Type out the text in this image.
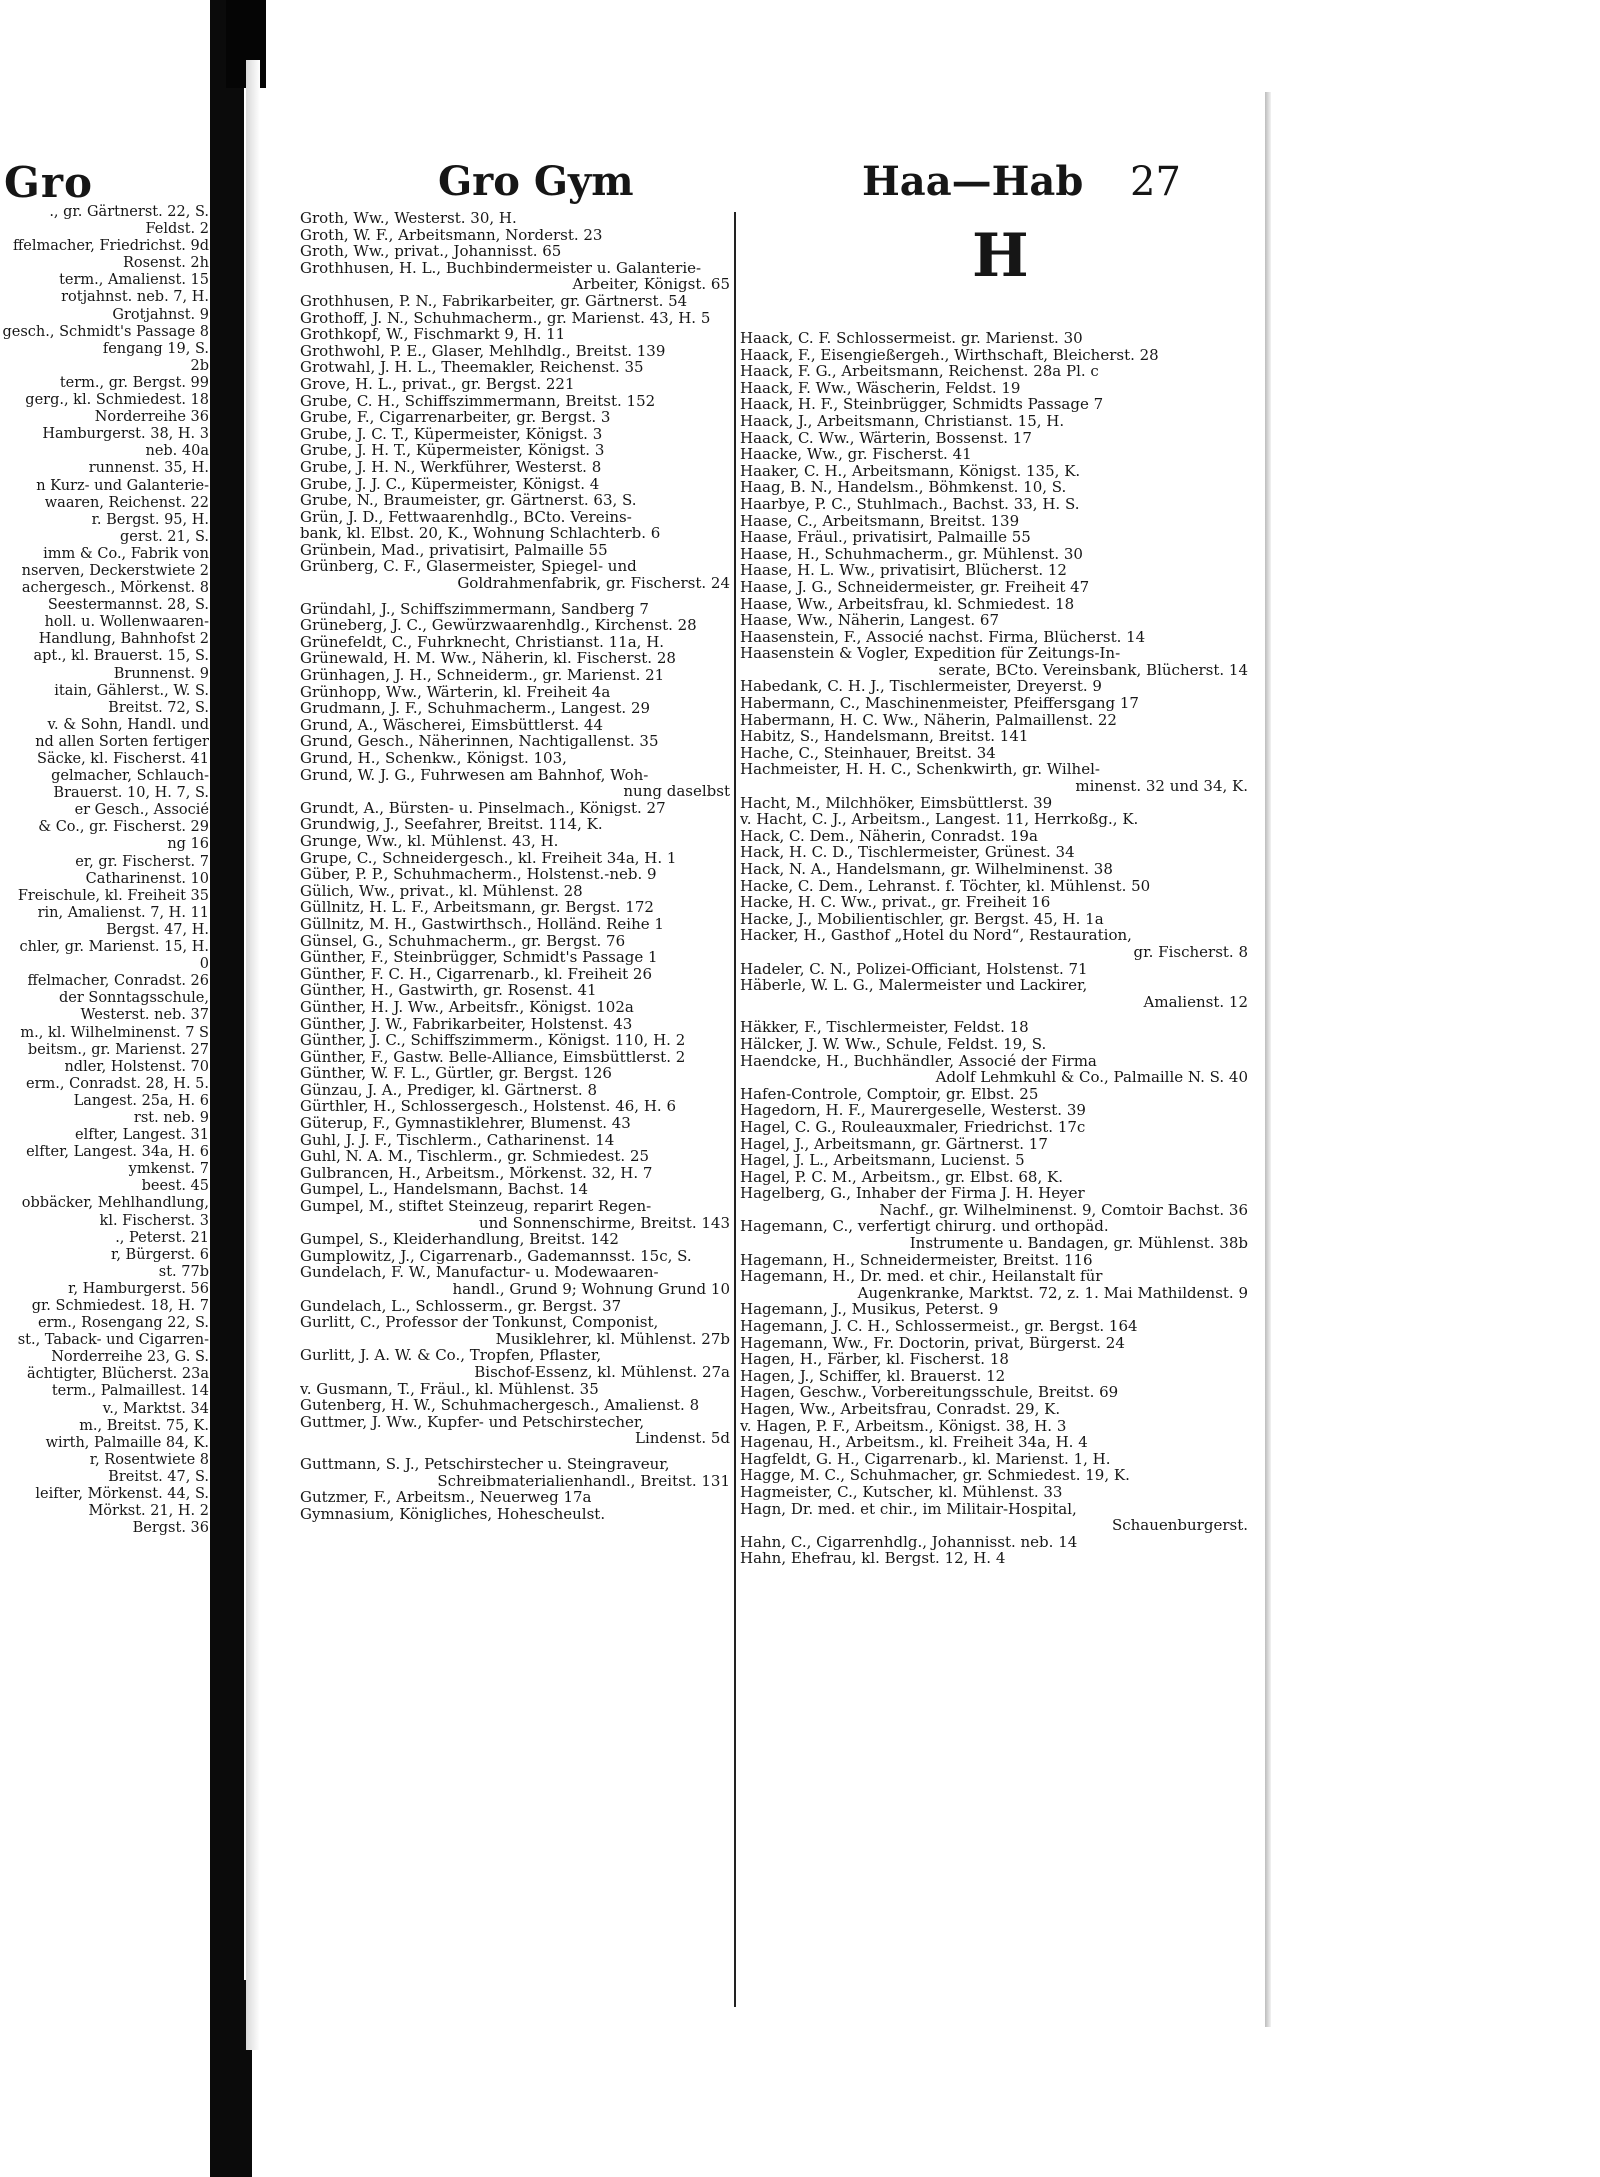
Gro
., gr. Gärtnerst. 22, S.
Feldst. 2
ffelmacher, Friedrichst. 9d
Rosenst. 2h
term., Amalienst. 15
rotjahnst. neb. 7, H.
Grotjahnst. 9
gesch., Schmidt's Passage 8
fengang 19, S.
2b
term., gr. Bergst. 99
gerg., kl. Schmiedest. 18
Norderreihe 36
Hamburgerst. 38, H. 3
neb. 40a
runnenst. 35, H.
n Kurz- und Galanterie-
waaren, Reichenst. 22
r. Bergst. 95, H.
gerst. 21, S.
imm & Co., Fabrik von
nserven, Deckerstwiete 2
achergesch., Mörkenst. 8
Seestermannst. 28, S.
holl. u. Wollenwaaren-
Handlung, Bahnhofst 2
apt., kl. Brauerst. 15, S.
Brunnenst. 9
itain, Gählerst., W. S.
Breitst. 72, S.
v. & Sohn, Handl. und
nd allen Sorten fertiger
Säcke, kl. Fischerst. 41
gelmacher, Schlauch-
Brauerst. 10, H. 7, S.
er Gesch., Associé
& Co., gr. Fischerst. 29
ng 16
er, gr. Fischerst. 7
Catharinenst. 10
Freischule, kl. Freiheit 35
rin, Amalienst. 7, H. 11
Bergst. 47, H.
chler, gr. Marienst. 15, H.
0
ffelmacher, Conradst. 26
der Sonntagsschule,
Westerst. neb. 37
m., kl. Wilhelminenst. 7 S
beitsm., gr. Marienst. 27
ndler, Holstenst. 70
erm., Conradst. 28, H. 5.
Langest. 25a, H. 6
rst. neb. 9
elfter, Langest. 31
elfter, Langest. 34a, H. 6
ymkenst. 7
beest. 45
obbäcker, Mehlhandlung,
kl. Fischerst. 3
., Peterst. 21
r, Bürgerst. 6
st. 77b
r, Hamburgerst. 56
gr. Schmiedest. 18, H. 7
erm., Rosengang 22, S.
st., Taback- und Cigarren-
Norderreihe 23, G. S.
ächtigter, Blücherst. 23a
term., Palmaillest. 14
v., Marktst. 34
m., Breitst. 75, K.
wirth, Palmaille 84, K.
r, Rosentwiete 8
Breitst. 47, S.
leifter, Mörkenst. 44, S.
Mörkst. 21, H. 2
Bergst. 36
Gro Gym	Haa—Hab 27
H
Groth, Ww., Westerst. 30, H.
Groth, W. F., Arbeitsmann, Norderst. 23
Groth, Ww., privat., Johannisst. 65
Grothhusen, H. L., Buchbindermeister u. Galanterie-
Arbeiter, Königst. 65
Grothhusen, P. N., Fabrikarbeiter, gr. Gärtnerst. 54
Grothoff, J. N., Schuhmacherm., gr. Marienst. 43, H. 5
Grothkopf, W., Fischmarkt 9, H. 11
Grothwohl, P. E., Glaser, Mehlhdlg., Breitst. 139
Grotwahl, J. H. L., Theemakler, Reichenst. 35
Grove, H. L., privat., gr. Bergst. 221
Grube, C. H., Schiffszimmermann, Breitst. 152
Grube, F., Cigarrenarbeiter, gr. Bergst. 3
Grube, J. C. T., Küpermeister, Königst. 3
Grube, J. H. T., Küpermeister, Königst. 3
Grube, J. H. N., Werkführer, Westerst. 8
Grube, J. J. C., Küpermeister, Königst. 4
Grube, N., Braumeister, gr. Gärtnerst. 63, S.
Grün, J. D., Fettwaarenhdlg., BCto. Vereins-
bank, kl. Elbst. 20, K., Wohnung Schlachterb. 6
Grünbein, Mad., privatisirt, Palmaille 55
Grünberg, C. F., Glasermeister, Spiegel- und
Goldrahmenfabrik, gr. Fischerst. 24
Gründahl, J., Schiffszimmermann, Sandberg 7
Grüneberg, J. C., Gewürzwaarenhdlg., Kirchenst. 28
Grünefeldt, C., Fuhrknecht, Christianst. 11a, H.
Grünewald, H. M. Ww., Näherin, kl. Fischerst. 28
Grünhagen, J. H., Schneiderm., gr. Marienst. 21
Grünhopp, Ww., Wärterin, kl. Freiheit 4a
Grudmann, J. F., Schuhmacherm., Langest. 29
Grund, A., Wäscherei, Eimsbüttlerst. 44
Grund, Gesch., Näherinnen, Nachtigallenst. 35
Grund, H., Schenkw., Königst. 103,
Grund, W. J. G., Fuhrwesen am Bahnhof, Woh-
nung daselbst
Grundt, A., Bürsten- u. Pinselmach., Königst. 27
Grundwig, J., Seefahrer, Breitst. 114, K.
Grunge, Ww., kl. Mühlenst. 43, H.
Grupe, C., Schneidergesch., kl. Freiheit 34a, H. 1
Güber, P. P., Schuhmacherm., Holstenst.-neb. 9
Gülich, Ww., privat., kl. Mühlenst. 28
Güllnitz, H. L. F., Arbeitsmann, gr. Bergst. 172
Güllnitz, M. H., Gastwirthsch., Holländ. Reihe 1
Günsel, G., Schuhmacherm., gr. Bergst. 76
Günther, F., Steinbrügger, Schmidt's Passage 1
Günther, F. C. H., Cigarrenarb., kl. Freiheit 26
Günther, H., Gastwirth, gr. Rosenst. 41
Günther, H. J. Ww., Arbeitsfr., Königst. 102a
Günther, J. W., Fabrikarbeiter, Holstenst. 43
Günther, J. C., Schiffszimmerm., Königst. 110, H. 2
Günther, F., Gastw. Belle-Alliance, Eimsbüttlerst. 2
Günther, W. F. L., Gürtler, gr. Bergst. 126
Günzau, J. A., Prediger, kl. Gärtnerst. 8
Gürthler, H., Schlossergesch., Holstenst. 46, H. 6
Güterup, F., Gymnastiklehrer, Blumenst. 43
Guhl, J. J. F., Tischlerm., Catharinenst. 14
Guhl, N. A. M., Tischlerm., gr. Schmiedest. 25
Gulbrancen, H., Arbeitsm., Mörkenst. 32, H. 7
Gumpel, L., Handelsmann, Bachst. 14
Gumpel, M., stiftet Steinzeug, reparirt Regen-
und Sonnenschirme, Breitst. 143
Gumpel, S., Kleiderhandlung, Breitst. 142
Gumplowitz, J., Cigarrenarb., Gademannsst. 15c, S.
Gundelach, F. W., Manufactur- u. Modewaaren-
handl., Grund 9; Wohnung Grund 10
Gundelach, L., Schlosserm., gr. Bergst. 37
Gurlitt, C., Professor der Tonkunst, Componist,
Musiklehrer, kl. Mühlenst. 27b
Gurlitt, J. A. W. & Co., Tropfen, Pflaster,
Bischof-Essenz, kl. Mühlenst. 27a
v. Gusmann, T., Fräul., kl. Mühlenst. 35
Gutenberg, H. W., Schuhmachergesch., Amalienst. 8
Guttmer, J. Ww., Kupfer- und Petschirstecher,
Lindenst. 5d
Guttmann, S. J., Petschirstecher u. Steingraveur,
Schreibmaterialienhandl., Breitst. 131
Gutzmer, F., Arbeitsm., Neuerweg 17a
Gymnasium, Königliches, Hohescheulst.
Haack, C. F. Schlossermeist. gr. Marienst. 30
Haack, F., Eisengießergeh., Wirthschaft, Bleicherst. 28
Haack, F. G., Arbeitsmann, Reichenst. 28a Pl. c
Haack, F. Ww., Wäscherin, Feldst. 19
Haack, H. F., Steinbrügger, Schmidts Passage 7
Haack, J., Arbeitsmann, Christianst. 15, H.
Haack, C. Ww., Wärterin, Bossenst. 17
Haacke, Ww., gr. Fischerst. 41
Haaker, C. H., Arbeitsmann, Königst. 135, K.
Haag, B. N., Handelsm., Böhmkenst. 10, S.
Haarbye, P. C., Stuhlmach., Bachst. 33, H. S.
Haase, C., Arbeitsmann, Breitst. 139
Haase, Fräul., privatisirt, Palmaille 55
Haase, H., Schuhmacherm., gr. Mühlenst. 30
Haase, H. L. Ww., privatisirt, Blücherst. 12
Haase, J. G., Schneidermeister, gr. Freiheit 47
Haase, Ww., Arbeitsfrau, kl. Schmiedest. 18
Haase, Ww., Näherin, Langest. 67
Haasenstein, F., Associé nachst. Firma, Blücherst. 14
Haasenstein & Vogler, Expedition für Zeitungs-In-
serate, BCto. Vereinsbank, Blücherst. 14
Habedank, C. H. J., Tischlermeister, Dreyerst. 9
Habermann, C., Maschinenmeister, Pfeiffersgang 17
Habermann, H. C. Ww., Näherin, Palmaillenst. 22
Habitz, S., Handelsmann, Breitst. 141
Hache, C., Steinhauer, Breitst. 34
Hachmeister, H. H. C., Schenkwirth, gr. Wilhel-
minenst. 32 und 34, K.
Hacht, M., Milchhöker, Eimsbüttlerst. 39
v. Hacht, C. J., Arbeitsm., Langest. 11, Herrkoßg., K.
Hack, C. Dem., Näherin, Conradst. 19a
Hack, H. C. D., Tischlermeister, Grünest. 34
Hack, N. A., Handelsmann, gr. Wilhelminenst. 38
Hacke, C. Dem., Lehranst. f. Töchter, kl. Mühlenst. 50
Hacke, H. C. Ww., privat., gr. Freiheit 16
Hacke, J., Mobilientischler, gr. Bergst. 45, H. 1a
Hacker, H., Gasthof „Hotel du Nord“, Restauration,
gr. Fischerst. 8
Hadeler, C. N., Polizei-Officiant, Holstenst. 71
Häberle, W. L. G., Malermeister und Lackirer,
Amalienst. 12
Häkker, F., Tischlermeister, Feldst. 18
Hälcker, J. W. Ww., Schule, Feldst. 19, S.
Haendcke, H., Buchhändler, Associé der Firma
Adolf Lehmkuhl & Co., Palmaille N. S. 40
Hafen-Controle, Comptoir, gr. Elbst. 25
Hagedorn, H. F., Maurergeselle, Westerst. 39
Hagel, C. G., Rouleauxmaler, Friedrichst. 17c
Hagel, J., Arbeitsmann, gr. Gärtnerst. 17
Hagel, J. L., Arbeitsmann, Lucienst. 5
Hagel, P. C. M., Arbeitsm., gr. Elbst. 68, K.
Hagelberg, G., Inhaber der Firma J. H. Heyer
Nachf., gr. Wilhelminenst. 9, Comtoir Bachst. 36
Hagemann, C., verfertigt chirurg. und orthopäd.
Instrumente u. Bandagen, gr. Mühlenst. 38b
Hagemann, H., Schneidermeister, Breitst. 116
Hagemann, H., Dr. med. et chir., Heilanstalt für
Augenkranke, Marktst. 72, z. 1. Mai Mathildenst. 9
Hagemann, J., Musikus, Peterst. 9
Hagemann, J. C. H., Schlossermeist., gr. Bergst. 164
Hagemann, Ww., Fr. Doctorin, privat, Bürgerst. 24
Hagen, H., Färber, kl. Fischerst. 18
Hagen, J., Schiffer, kl. Brauerst. 12
Hagen, Geschw., Vorbereitungsschule, Breitst. 69
Hagen, Ww., Arbeitsfrau, Conradst. 29, K.
v. Hagen, P. F., Arbeitsm., Königst. 38, H. 3
Hagenau, H., Arbeitsm., kl. Freiheit 34a, H. 4
Hagfeldt, G. H., Cigarrenarb., kl. Marienst. 1, H.
Hagge, M. C., Schuhmacher, gr. Schmiedest. 19, K.
Hagmeister, C., Kutscher, kl. Mühlenst. 33
Hagn, Dr. med. et chir., im Militair-Hospital,
Schauenburgerst.
Hahn, C., Cigarrenhdlg., Johannisst. neb. 14
Hahn, Ehefrau, kl. Bergst. 12, H. 4
